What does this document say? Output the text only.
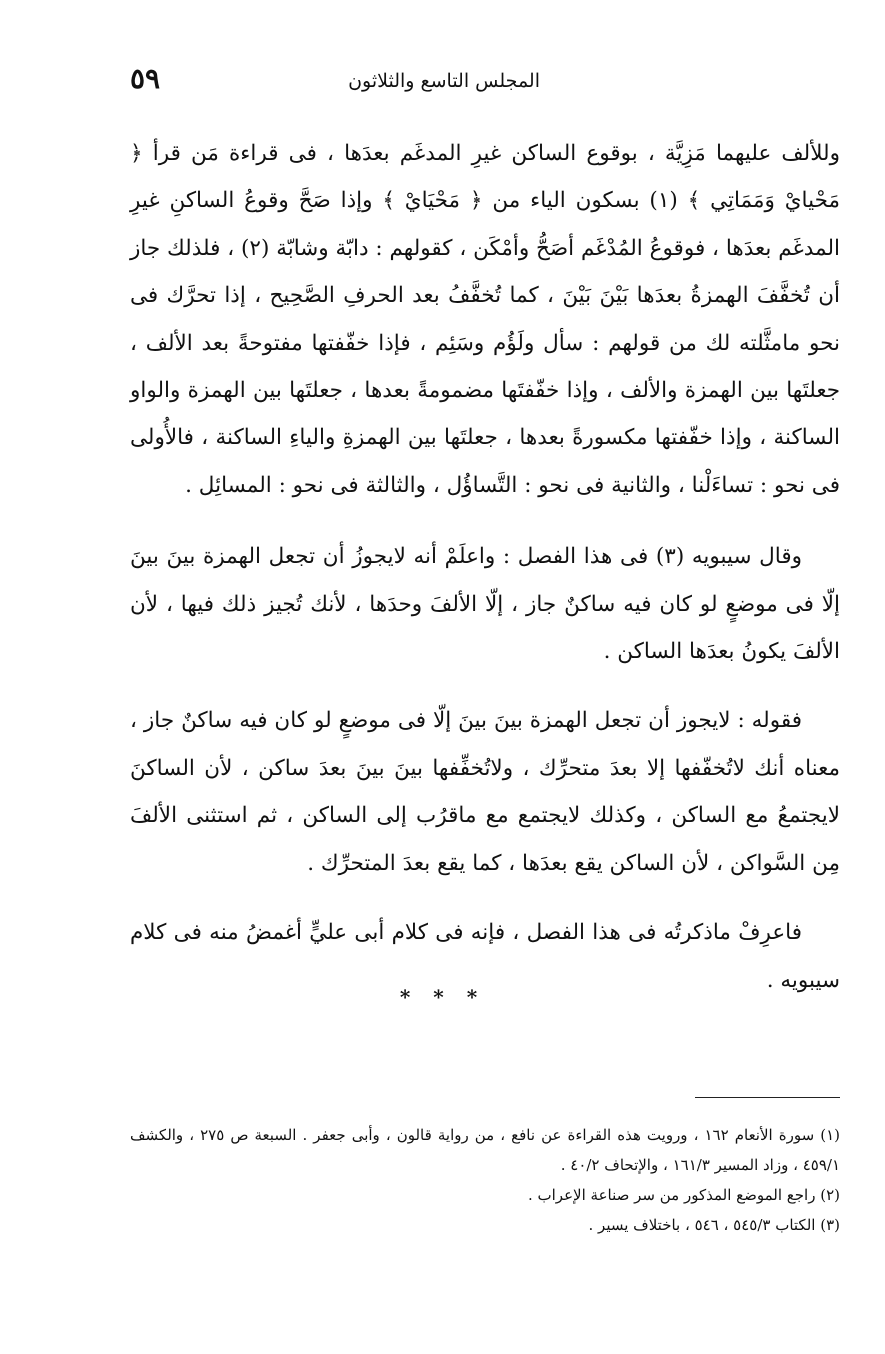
المجلس التاسع والثلاثون
٥٩

وللألف عليهما مَزِيَّة ، بوقوع الساكن غيرِ المدغَم بعدَها ، فى قراءة مَن قرأ ﴿ مَحْيايْ وَمَمَاتِي ﴾ (١) بسكون الياء من ﴿ مَحْيَايْ ﴾ وإذا صَحَّ وقوعُ الساكنِ غيرِ المدغَم بعدَها ، فوقوعُ المُدْغَم أصَحُّ وأمْكَن ، كقولهم : دابّة وشابّة (٢) ، فلذلك جاز أن تُخفَّفَ الهمزةُ بعدَها بَيْنَ بَيْنَ ، كما تُخفَّفُ بعد الحرفِ الصَّحِيح ، إذا تحرَّك فى نحو مامثَّلته لك من قولهم : سأل ولَؤُم وسَئِم ، فإذا خفّفتها مفتوحةً بعد الألف ، جعلتَها بين الهمزة والألف ، وإذا خفّفتَها مضمومةً بعدها ، جعلتَها بين الهمزة والواو الساكنة ، وإذا خفّفتها مكسورةً بعدها ، جعلتَها بين الهمزةِ والياءِ الساكنة ، فالأُولى فى نحو : تساءَلْنا ، والثانية فى نحو : التَّساؤُل ، والثالثة فى نحو : المسائِل .

وقال سيبويه (٣) فى هذا الفصل : واعلَمْ أنه لايجوزُ أن تجعل الهمزة بينَ بينَ إلّا فى موضعٍ لو كان فيه ساكنٌ جاز ، إلّا الألفَ وحدَها ، لأنك تُجيز ذلك فيها ، لأن الألفَ يكونُ بعدَها الساكن .

فقوله : لايجوز أن تجعل الهمزة بينَ بينَ إلّا فى موضعٍ لو كان فيه ساكنٌ جاز ، معناه أنك لاتُخفّفها إلا بعدَ متحرِّك ، ولاتُخفِّفها بينَ بينَ بعدَ ساكن ، لأن الساكنَ لايجتمعُ مع الساكن ، وكذلك لايجتمع مع ماقرُب إلى الساكن ، ثم استثنى الألفَ مِن السَّواكن ، لأن الساكن يقع بعدَها ، كما يقع بعدَ المتحرِّك .

فاعرِفْ ماذكرتُه فى هذا الفصل ، فإنه فى كلام أبى عليٍّ أغمضُ منه فى كلام سيبويه .

* * *

(١) سورة الأنعام ١٦٢ ، ورويت هذه القراءة عن نافع ، من رواية قالون ، وأبى جعفر . السبعة ص ٢٧٥ ، والكشف ٤٥٩/١ ، وزاد المسير ١٦١/٣ ، والإتحاف ٤٠/٢ .

(٢) راجع الموضع المذكور من سر صناعة الإعراب .

(٣) الكتاب ٥٤٥/٣ ، ٥٤٦ ، باختلاف يسير .
